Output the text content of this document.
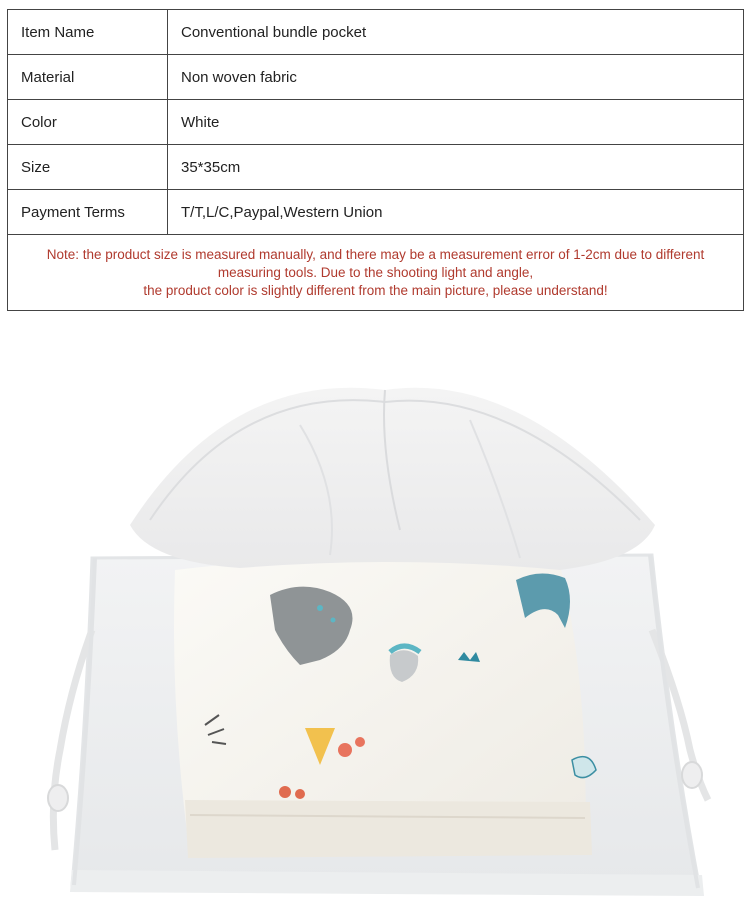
Item Name	Conventional bundle pocket
Material	Non woven fabric
Color	White
Size	35*35cm
Payment Terms	T/T,L/C,Paypal,Western Union

Note: the product size is measured manually, and there may be a measurement error of 1-2cm due to different
measuring tools. Due to the shooting light and angle,
the product color is slightly different from the main picture, please understand!	
